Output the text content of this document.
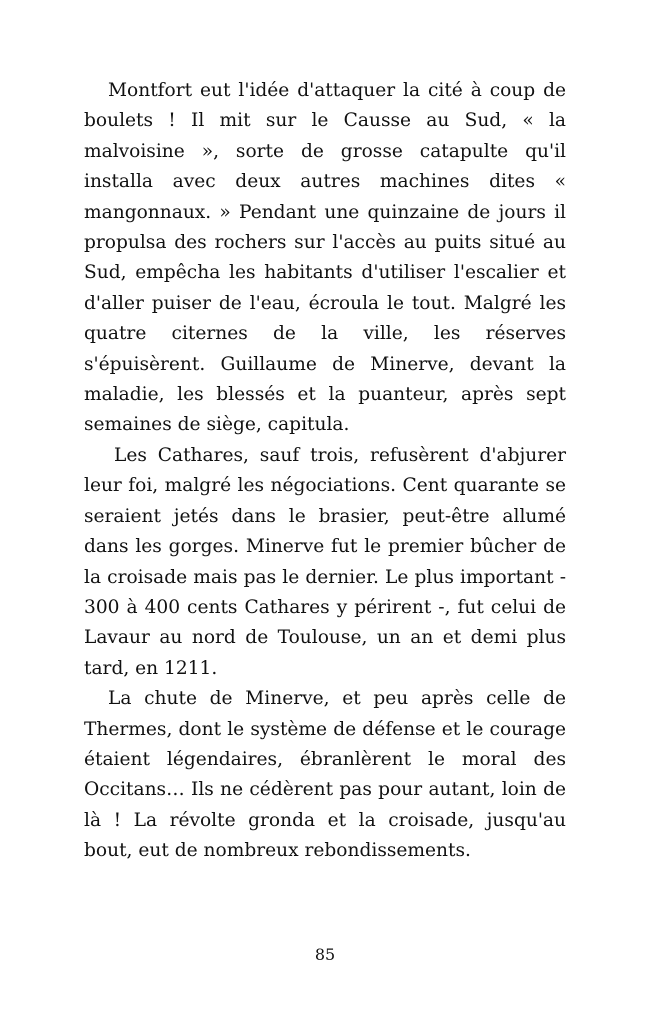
Montfort eut l'idée d'attaquer la cité à coup de boulets ! Il mit sur le Causse au Sud, « la malvoisine », sorte de grosse catapulte qu'il installa avec deux autres machines dites « mangonnaux. » Pendant une quinzaine de jours il propulsa des rochers sur l'accès au puits situé au Sud, empêcha les habitants d'utiliser l'escalier et d'aller puiser de l'eau, écroula le tout. Malgré les quatre citernes de la ville, les réserves s'épuisèrent. Guillaume de Minerve, devant la maladie, les blessés et la puanteur, après sept semaines de siège, capitula.

Les Cathares, sauf trois, refusèrent d'abjurer leur foi, malgré les négociations. Cent quarante se seraient jetés dans le brasier, peut-être allumé dans les gorges. Minerve fut le premier bûcher de la croisade mais pas le dernier. Le plus important - 300 à 400 cents Cathares y périrent -, fut celui de Lavaur au nord de Toulouse, un an et demi plus tard, en 1211.

La chute de Minerve, et peu après celle de Thermes, dont le système de défense et le courage étaient légendaires, ébranlèrent le moral des Occitans… Ils ne cédèrent pas pour autant, loin de là ! La révolte gronda et la croisade, jusqu'au bout, eut de nombreux rebondissements.

85
